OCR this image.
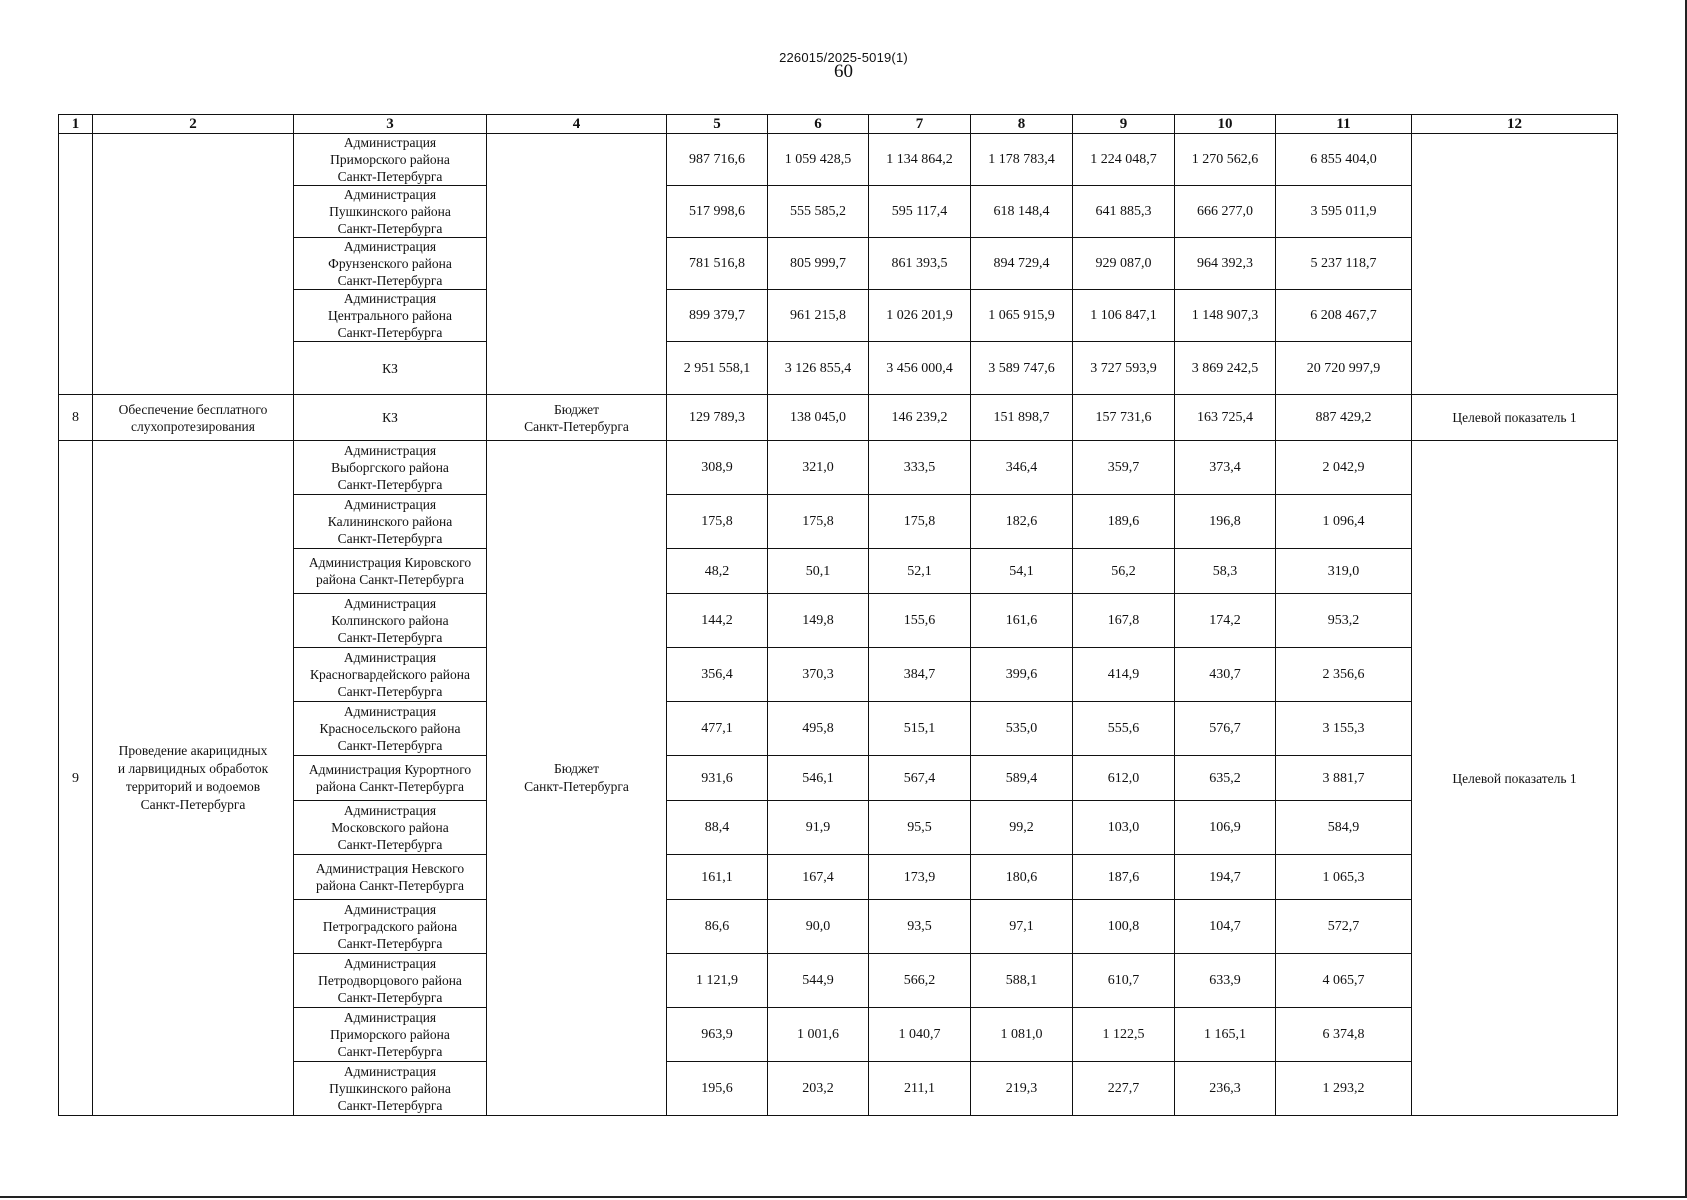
226015/2025-5019(1)
60
1	2	3	4	5	6	7	8	9	10	11	12
		Администрация
Приморского района
Санкт-Петербурга		987 716,6	1 059 428,5	1 134 864,2	1 178 783,4	1 224 048,7	1 270 562,6	6 855 404,0	
		Администрация
Пушкинского района
Санкт-Петербурга		517 998,6	555 585,2	595 117,4	618 148,4	641 885,3	666 277,0	3 595 011,9	
		Администрация
Фрунзенского района
Санкт-Петербурга		781 516,8	805 999,7	861 393,5	894 729,4	929 087,0	964 392,3	5 237 118,7	
		Администрация
Центрального района
Санкт-Петербурга		899 379,7	961 215,8	1 026 201,9	1 065 915,9	1 106 847,1	1 148 907,3	6 208 467,7	
		КЗ		2 951 558,1	3 126 855,4	3 456 000,4	3 589 747,6	3 727 593,9	3 869 242,5	20 720 997,9	

8	Обеспечение бесплатного
слухопротезирования	КЗ	Бюджет
Санкт-Петербурга	129 789,3	138 045,0	146 239,2	151 898,7	157 731,6	163 725,4	887 429,2	Целевой показатель 1
9	Проведение акарицидных
и ларвицидных обработок
территорий и водоемов
Санкт-Петербурга	Администрация
Выборгского района
Санкт-Петербурга	Бюджет
Санкт-Петербурга	308,9	321,0	333,5	346,4	359,7	373,4	2 042,9	Целевой показатель 1
		Администрация
Калининского района
Санкт-Петербурга		175,8	175,8	175,8	182,6	189,6	196,8	1 096,4	
		Администрация Кировского
района Санкт-Петербурга		48,2	50,1	52,1	54,1	56,2	58,3	319,0	
		Администрация
Колпинского района
Санкт-Петербурга		144,2	149,8	155,6	161,6	167,8	174,2	953,2	
		Администрация
Красногвардейского района
Санкт-Петербурга		356,4	370,3	384,7	399,6	414,9	430,7	2 356,6	
		Администрация
Красносельского района
Санкт-Петербурга		477,1	495,8	515,1	535,0	555,6	576,7	3 155,3	
		Администрация Курортного
района Санкт-Петербурга		931,6	546,1	567,4	589,4	612,0	635,2	3 881,7	
		Администрация
Московского района
Санкт-Петербурга		88,4	91,9	95,5	99,2	103,0	106,9	584,9	
		Администрация Невского
района Санкт-Петербурга		161,1	167,4	173,9	180,6	187,6	194,7	1 065,3	
		Администрация
Петроградского района
Санкт-Петербурга		86,6	90,0	93,5	97,1	100,8	104,7	572,7	
		Администрация
Петродворцового района
Санкт-Петербурга		1 121,9	544,9	566,2	588,1	610,7	633,9	4 065,7	
		Администрация
Приморского района
Санкт-Петербурга		963,9	1 001,6	1 040,7	1 081,0	1 122,5	1 165,1	6 374,8	
		Администрация
Пушкинского района
Санкт-Петербурга		195,6	203,2	211,1	219,3	227,7	236,3	1 293,2	
